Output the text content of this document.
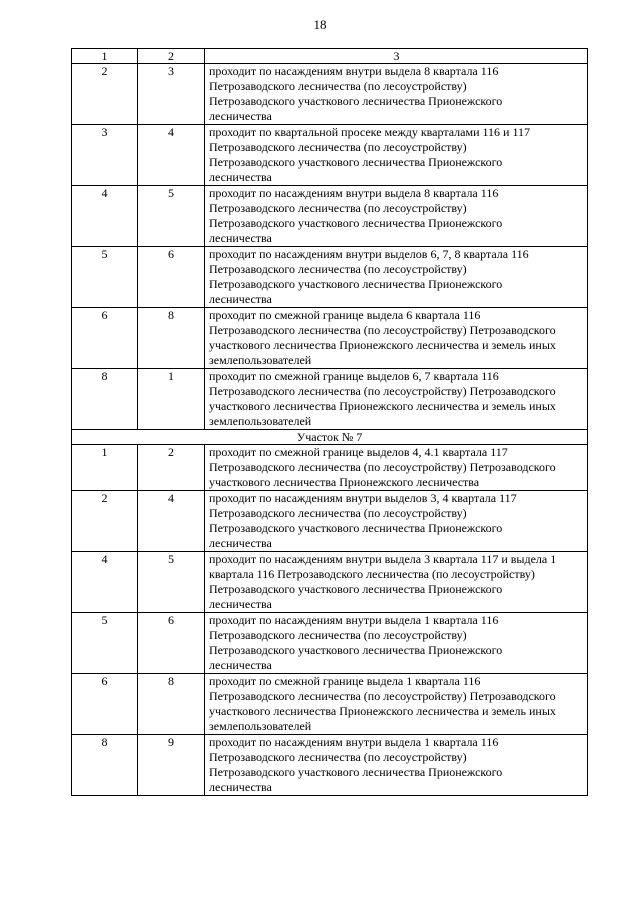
18
1	2	3
2	3	проходит по насаждениям внутри выдела 8 квартала 116
Петрозаводского лесничества (по лесоустройству)
Петрозаводского участкового лесничества Прионежского
лесничества
3	4	проходит по квартальной просеке между кварталами 116 и 117
Петрозаводского лесничества (по лесоустройству)
Петрозаводского участкового лесничества Прионежского
лесничества
4	5	проходит по насаждениям внутри выдела 8 квартала 116
Петрозаводского лесничества (по лесоустройству)
Петрозаводского участкового лесничества Прионежского
лесничества
5	6	проходит по насаждениям внутри выделов 6, 7, 8 квартала 116
Петрозаводского лесничества (по лесоустройству)
Петрозаводского участкового лесничества Прионежского
лесничества
6	8	проходит по смежной границе выдела 6 квартала 116
Петрозаводского лесничества (по лесоустройству) Петрозаводского
участкового лесничества Прионежского лесничества и земель иных
землепользователей
8	1	проходит по смежной границе выделов 6, 7 квартала 116
Петрозаводского лесничества (по лесоустройству) Петрозаводского
участкового лесничества Прионежского лесничества и земель иных
землепользователей
Участок № 7		
1	2	проходит по смежной границе выделов 4, 4.1 квартала 117
Петрозаводского лесничества (по лесоустройству) Петрозаводского
участкового лесничества Прионежского лесничества
2	4	проходит по насаждениям внутри выделов 3, 4 квартала 117
Петрозаводского лесничества (по лесоустройству)
Петрозаводского участкового лесничества Прионежского
лесничества
4	5	проходит по насаждениям внутри выдела 3 квартала 117 и выдела 1
квартала 116 Петрозаводского лесничества (по лесоустройству)
Петрозаводского участкового лесничества Прионежского
лесничества
5	6	проходит по насаждениям внутри выдела 1 квартала 116
Петрозаводского лесничества (по лесоустройству)
Петрозаводского участкового лесничества Прионежского
лесничества
6	8	проходит по смежной границе выдела 1 квартала 116
Петрозаводского лесничества (по лесоустройству) Петрозаводского
участкового лесничества Прионежского лесничества и земель иных
землепользователей
8	9	проходит по насаждениям внутри выдела 1 квартала 116
Петрозаводского лесничества (по лесоустройству)
Петрозаводского участкового лесничества Прионежского
лесничества
